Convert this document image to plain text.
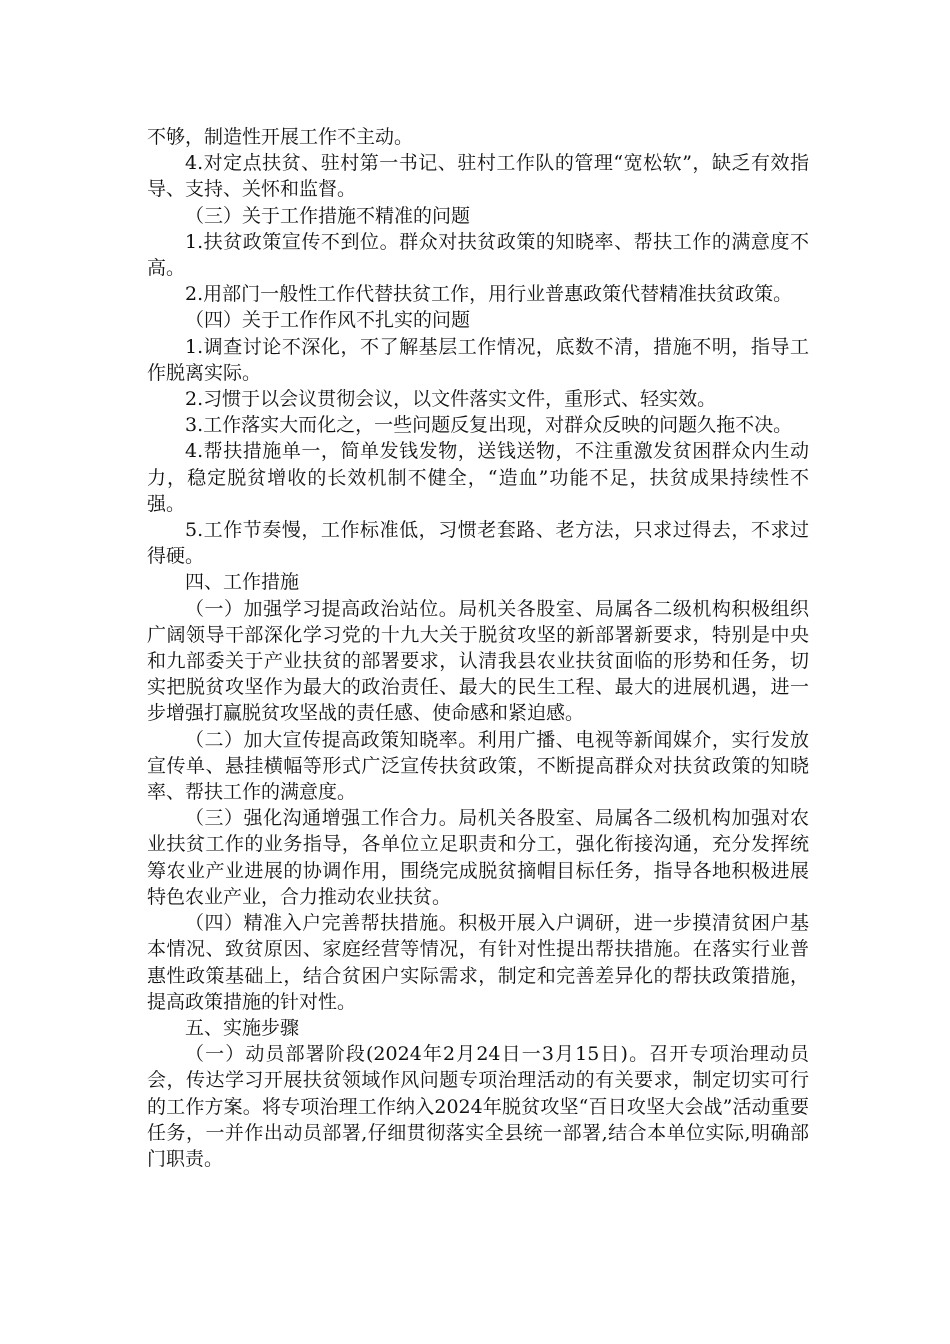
不够，制造性开展工作不主动。

4.对定点扶贫、驻村第一书记、驻村工作队的管理“宽松软”，缺乏有效指导、支持、关怀和监督。

（三）关于工作措施不精准的问题

1.扶贫政策宣传不到位。群众对扶贫政策的知晓率、帮扶工作的满意度不高。

2.用部门一般性工作代替扶贫工作，用行业普惠政策代替精准扶贫政策。

（四）关于工作作风不扎实的问题

1.调查讨论不深化，不了解基层工作情况，底数不清，措施不明，指导工作脱离实际。

2.习惯于以会议贯彻会议，以文件落实文件，重形式、轻实效。

3.工作落实大而化之，一些问题反复出现，对群众反映的问题久拖不决。

4.帮扶措施单一，简单发钱发物，送钱送物，不注重激发贫困群众内生动力，稳定脱贫增收的长效机制不健全，“造血”功能不足，扶贫成果持续性不强。

5.工作节奏慢，工作标准低，习惯老套路、老方法，只求过得去，不求过得硬。

四、工作措施

（一）加强学习提高政治站位。局机关各股室、局属各二级机构积极组织广阔领导干部深化学习党的十九大关于脱贫攻坚的新部署新要求，特别是中央和九部委关于产业扶贫的部署要求，认清我县农业扶贫面临的形势和任务，切实把脱贫攻坚作为最大的政治责任、最大的民生工程、最大的进展机遇，进一步增强打赢脱贫攻坚战的责任感、使命感和紧迫感。

（二）加大宣传提高政策知晓率。利用广播、电视等新闻媒介，实行发放宣传单、悬挂横幅等形式广泛宣传扶贫政策，不断提高群众对扶贫政策的知晓率、帮扶工作的满意度。

（三）强化沟通增强工作合力。局机关各股室、局属各二级机构加强对农业扶贫工作的业务指导，各单位立足职责和分工，强化衔接沟通，充分发挥统筹农业产业进展的协调作用，围绕完成脱贫摘帽目标任务，指导各地积极进展特色农业产业，合力推动农业扶贫。

（四）精准入户完善帮扶措施。积极开展入户调研，进一步摸清贫困户基本情况、致贫原因、家庭经营等情况，有针对性提出帮扶措施。在落实行业普惠性政策基础上，结合贫困户实际需求，制定和完善差异化的帮扶政策措施，提高政策措施的针对性。

五、实施步骤

（一）动员部署阶段(2024年2月24日一3月15日)。召开专项治理动员会，传达学习开展扶贫领域作风问题专项治理活动的有关要求，制定切实可行的工作方案。将专项治理工作纳入2024年脱贫攻坚“百日攻坚大会战”活动重要任务，一并作出动员部署,仔细贯彻落实全县统一部署,结合本单位实际,明确部门职责。
